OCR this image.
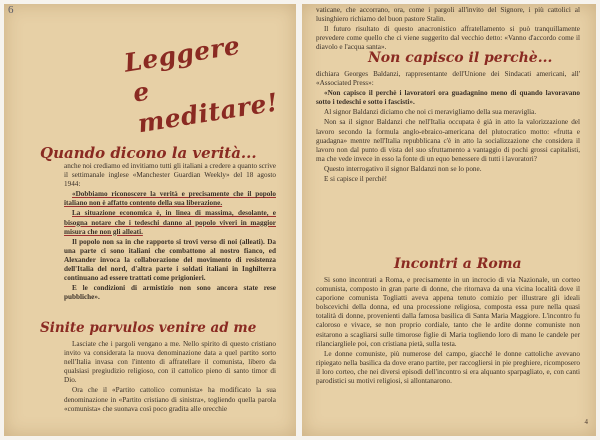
Leggere
e meditare!
Quando dicono la verità...

anche noi crediamo ed invitiamo tutti gli italiani a credere a quanto scrive il settimanale inglese «Manchester Guardian Weekly» del 18 agosto 1944:

«Dobbiamo riconoscere la verità e precisamente che il popolo italiano non è affatto contento della sua liberazione.

La situazione economica è, in linea di massima, desolante, e bisogna notare che i tedeschi danno al popolo viveri in maggior misura che non gli alleati.

Il popolo non sa in che rapporto si trovi verso di noi (alleati). Da una parte ci sono italiani che combattono al nostro fianco, ed Alexander invoca la collaborazione del movimento di resistenza dell'Italia del nord, d'altra parte i soldati italiani in Inghilterra continuano ad essere trattati come prigionieri.

E le condizioni di armistizio non sono ancora state rese pubbliche».

Sinite parvulos venire ad me

Lasciate che i pargoli vengano a me. Nello spirito di questo cristiano invito va considerata la nuova denominazione data a quel partito sorto nell'Italia invasa con l'intento di affratellare il comunista, libero da qualsiasi pregiudizio religioso, con il cattolico pieno di santo timor di Dio.

Ora che il «Partito cattolico comunista» ha modificato la sua denominazione in «Partito cristiano di sinistra», togliendo quella parola «comunista» che suonava così poco gradita alle orecchie

vaticane, che accorrano, ora, come i pargoli all'invito del Signore, i più cattolici al lusinghiero richiamo del buon pastore Stalin.

Il futuro risultato di questo anacronistico affratellamento si può tranquillamente prevedere come quello che ci viene suggerito dal vecchio detto: «Vanno d'accordo come il diavolo e l'acqua santa».

Non capisco il perchè...

dichiara Georges Baldanzi, rappresentante dell'Unione dei Sindacati americani, all' «Associated Press»:

«Non capisco il perchè i lavoratori ora guadagnino meno di quando lavoravano sotto i tedeschi e sotto i fascisti».

Al signor Baldanzi diciamo che noi ci meravigliamo della sua meraviglia.

Non sa il signor Baldanzi che nell'Italia occupata è già in atto la valorizzazione del lavoro secondo la formula anglo-ebraico-americana del plutocratico motto: «frutta e guadagna» mentre nell'Italia repubblicana c'è in atto la socializzazione che considera il lavoro non dal punto di vista del suo sfruttamento a vantaggio di pochi grossi capitalisti, ma che vede invece in esso la fonte di un equo benessere di tutti i lavoratori?

Questo interrogativo il signor Baldanzi non se lo pone.

E si capisce il perchè!

Incontri a Roma

Si sono incontrati a Roma, e precisamente in un incrocio di via Nazionale, un corteo comunista, composto in gran parte di donne, che ritornava da una vicina località dove il caporione comunista Togliatti aveva appena tenuto comizio per illustrare gli ideali bolscevichi della donna, ed una processione religiosa, composta essa pure nella quasi totalità di donne, provenienti dalla famosa basilica di Santa Maria Maggiore. L'incontro fu caloroso e vivace, se non proprio cordiale, tanto che le ardite donne comuniste non esitarono a scagliarsi sulle timorose figlie di Maria togliendo loro di mano le candele per rilanciargliele poi, con cristiana pietà, sulla testa.

Le donne comuniste, più numerose del campo, giacché le donne cattoliche avevano ripiegato nella basilica da dove erano partite, per raccogliersi in pie preghiere, ricomposero il loro corteo, che nei diversi episodi dell'incontro si era alquanto sparpagliato, e, con canti parodistici su motivi religiosi, si allontanarono.

4
6
